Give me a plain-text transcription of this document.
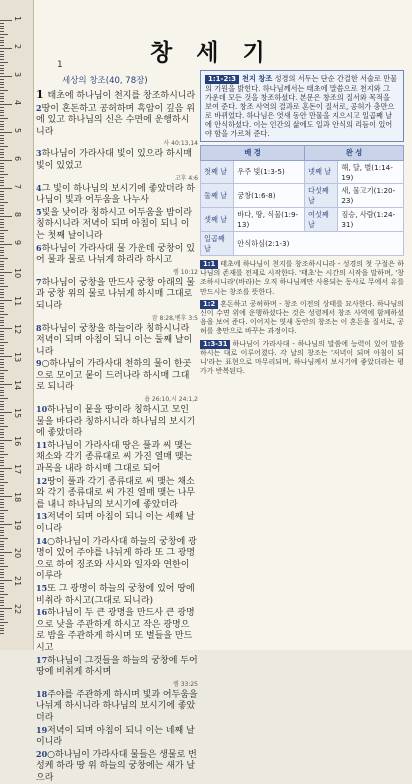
1
2
3
4
5
6
7
8
9
10
11
12
13
14
15
16
17
18
19
20
21
22
창 세 기
1
세상의 창조(40, 78장)

1 태초에 하나님이 천지를 창조하시니라

2땅이 혼돈하고 공허하며 흑암이 깊음 위에 있고 하나님의 신은 수면에 운행하시니라

사 40:13,14

3하나님이 가라사대 빛이 있으라 하시매 빛이 있었고

고후 4:6

4그 빛이 하나님의 보시기에 좋았더라 하나님이 빛과 어두움을 나누사

5빛을 낮이라 칭하시고 어두움을 밤이라 칭하시니라 저녁이 되며 아침이 되니 이는 첫째 날이니라

6하나님이 가라사대 물 가운데 궁창이 있어 물과 물로 나뉘게 하리라 하시고

렘 10:12

7하나님이 궁창을 만드사 궁창 아래의 물과 궁창 위의 물로 나뉘게 하시매 그대로 되니라

잠 8:28,벧후 3:5

8하나님이 궁창을 하늘이라 칭하시니라 저녁이 되며 아침이 되니 이는 둘째 날이니라

9○하나님이 가라사대 천하의 물이 한곳으로 모이고 뭍이 드러나라 하시매 그대로 되니라

욥 26:10,시 24:1,2

10하나님이 뭍을 땅이라 칭하시고 모인 물을 바다라 칭하시니라 하나님의 보시기에 좋았더라

11하나님이 가라사대 땅은 풀과 씨 맺는 채소와 각기 종류대로 씨 가진 열매 맺는 과목을 내라 하시매 그대로 되어

12땅이 풀과 각기 종류대로 씨 맺는 채소와 각기 종류대로 씨 가진 열매 맺는 나무를 내니 하나님의 보시기에 좋았더라

13저녁이 되며 아침이 되니 이는 세째 날이니라

14○하나님이 가라사대 하늘의 궁창에 광명이 있어 주야를 나뉘게 하라 또 그 광명으로 하여 징조와 사시와 일자와 연한이 이루라

15또 그 광명이 하늘의 궁창에 있어 땅에 비취라 하시고(그대로 되니라)

16하나님이 두 큰 광명을 만드사 큰 광명으로 낮을 주관하게 하시고 작은 광명으로 밤을 주관하게 하시며 또 별들을 만드시고

17하나님이 그것들을 하늘의 궁창에 두어 땅에 비취게 하시며

렘 33:25

18주야를 주관하게 하시며 빛과 어두움을 나뉘게 하시니라 하나님의 보시기에 좋았더라

19저녁이 되며 아침이 되니 이는 네째 날이니라

20○하나님이 가라사대 물들은 생물로 번성케 하라 땅 위 하늘의 궁창에는 새가 날으라

1:1-2:3 천지 창조 성경의 서두는 단순 간결한 서술로 만물의 기원을 밝힌다. 하나님께서는 태초에 말씀으로 천지와 그 가운데 모든 것을 창조하셨다. 본문은 창조의 질서와 목적을 보여 준다. 창조 사역의 결과로 혼돈이 질서로, 공허가 충만으로 바뀌었다. 하나님은 엿새 동안 만물을 지으시고 일곱째 날에 안식하셨다. 이는 인간의 삶에도 일과 안식의 리듬이 있어야 함을 가르쳐 준다.
배 경		완 성	
첫째 날	우주 빛(1:3-5)	넷째 날	해, 달, 별(1:14-19)
둘째 날	궁창(1:6-8)	다섯째 날	새, 물고기(1:20-23)
셋째 날	바다, 땅, 식물(1:9-13)	여섯째 날	짐승, 사람(1:24-31)
일곱째 날	안식하심(2:1-3)		

1:1 태초에 하나님이 천지를 창조하시니라 - 성경의 첫 구절은 하나님의 존재를 전제로 시작한다. '태초'는 시간의 시작을 말하며, '창조하시니라'(바라)는 오직 하나님께만 사용되는 동사로 무에서 유를 만드시는 창조를 뜻한다.

1:2 혼돈하고 공허하며 - 창조 이전의 상태를 묘사한다. 하나님의 신이 수면 위에 운행하셨다는 것은 성령께서 창조 사역에 함께하셨음을 보여 준다. 이어지는 엿새 동안의 창조는 이 혼돈을 질서로, 공허를 충만으로 바꾸는 과정이다.

1:3-31 하나님이 가라사대 - 하나님의 말씀에 능력이 있어 말씀하시는 대로 이루어졌다. 각 날의 창조는 '저녁이 되며 아침이 되니'라는 표현으로 마무리되며, 하나님께서 보시기에 좋았더라는 평가가 반복된다.
